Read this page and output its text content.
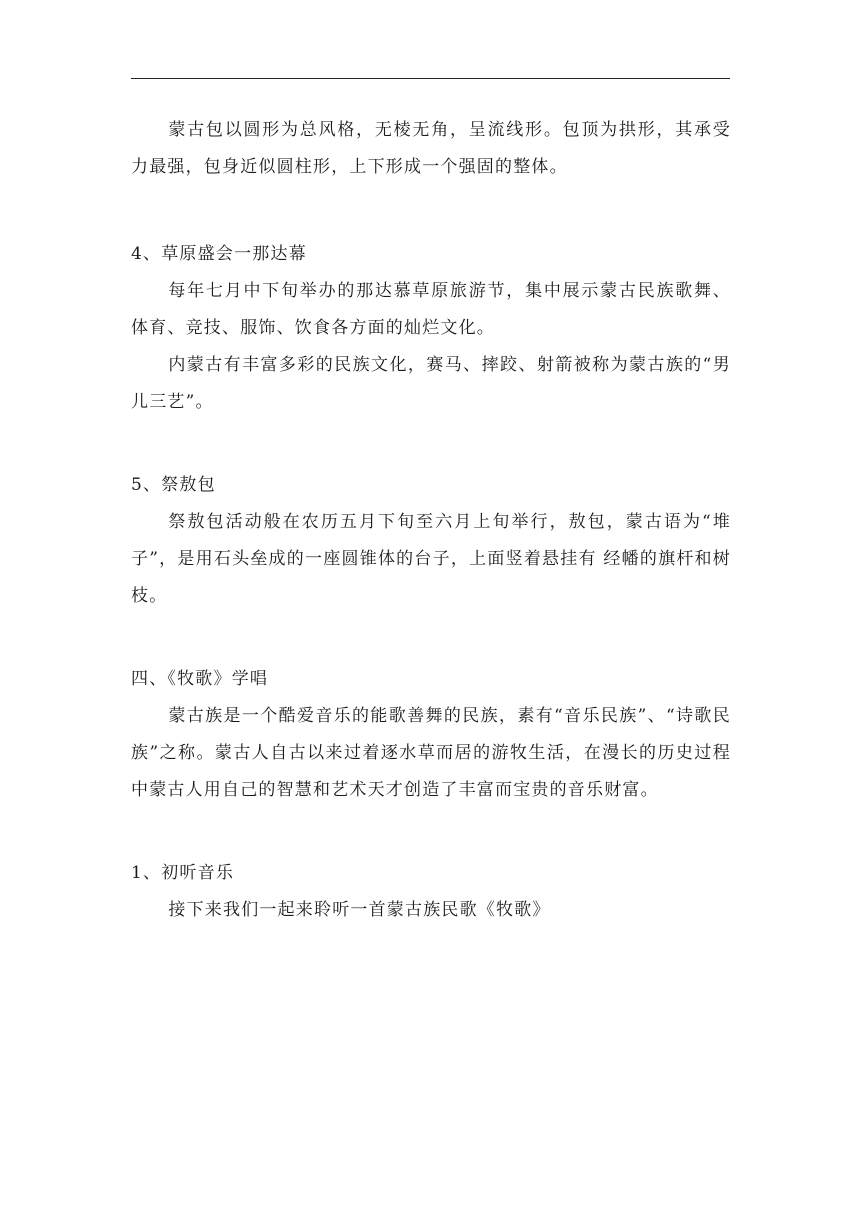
蒙古包以圆形为总风格，无棱无角，呈流线形。包顶为拱形，其承受力最强，包身近似圆柱形，上下形成一个强固的整体。

4、草原盛会一那达幕

每年七月中下旬举办的那达慕草原旅游节，集中展示蒙古民族歌舞、体育、竞技、服饰、饮食各方面的灿烂文化。

内蒙古有丰富多彩的民族文化，赛马、摔跤、射箭被称为蒙古族的“男儿三艺”。

5、祭敖包

祭敖包活动般在农历五月下旬至六月上旬举行，敖包，蒙古语为“堆子”，是用石头垒成的一座圆锥体的台子，上面竖着悬挂有 经幡的旗杆和树枝。

四、《牧歌》学唱

蒙古族是一个酷爱音乐的能歌善舞的民族，素有“音乐民族”、“诗歌民族”之称。蒙古人自古以来过着逐水草而居的游牧生活，在漫长的历史过程中蒙古人用自己的智慧和艺术天才创造了丰富而宝贵的音乐财富。

1、初听音乐

接下来我们一起来聆听一首蒙古族民歌《牧歌》
